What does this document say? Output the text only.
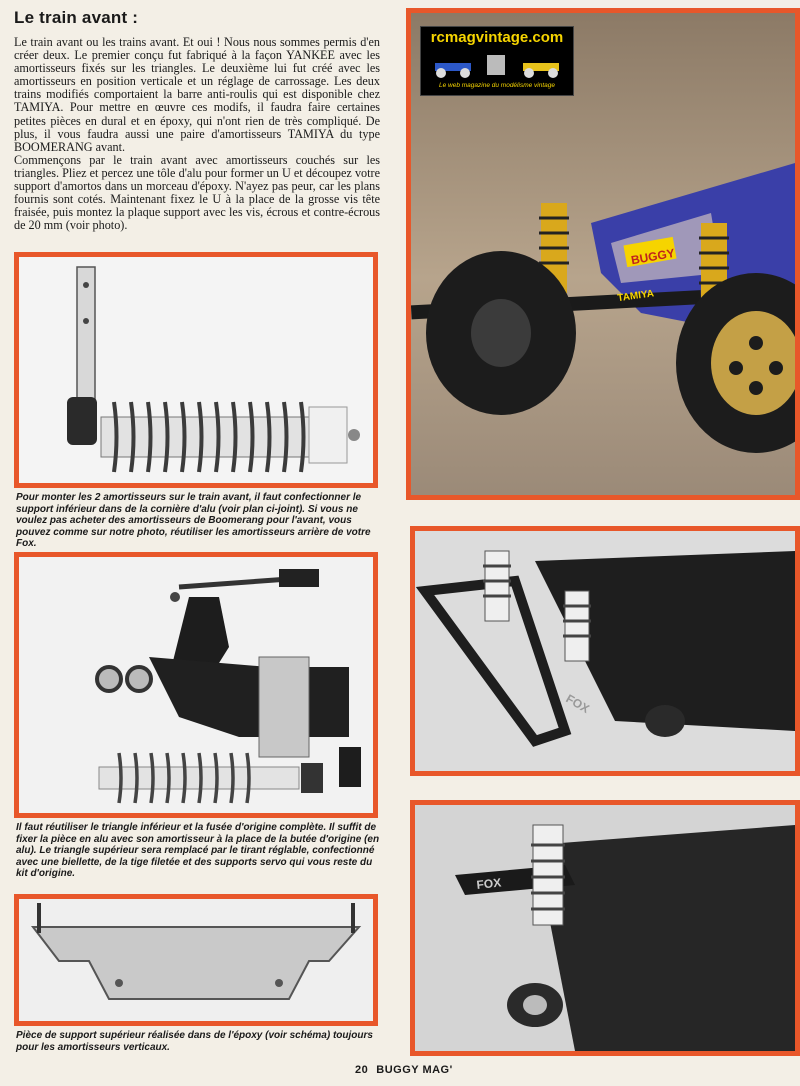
Le train avant :

Le train avant ou les trains avant. Et oui ! Nous nous sommes permis d'en créer deux. Le premier conçu fut fabriqué à la façon YANKEE avec les amortisseurs fixés sur les triangles. Le deuxième lui fut créé avec les amortisseurs en position verticale et un réglage de carrossage. Les deux trains modifiés comportaient la barre anti-roulis qui est disponible chez TAMIYA. Pour mettre en œuvre ces modifs, il faudra faire certaines petites pièces en dural et en époxy, qui n'ont rien de très compliqué. De plus, il vous faudra aussi une paire d'amortisseurs TAMIYA du type BOOMERANG avant.

Commençons par le train avant avec amortisseurs couchés sur les triangles. Pliez et percez une tôle d'alu pour former un U et découpez votre support d'amortos dans un morceau d'époxy. N'ayez pas peur, car les plans fournis sont cotés. Maintenant fixez le U à la place de la grosse vis tête fraisée, puis montez la plaque support avec les vis, écrous et contre-écrous de 20 mm (voir photo).

Pour monter les 2 amortisseurs sur le train avant, il faut confectionner le support inférieur dans de la cornière d'alu (voir plan ci-joint). Si vous ne voulez pas acheter des amortisseurs de Boomerang pour l'avant, vous pouvez comme sur notre photo, réutiliser les amortisseurs arrière de votre Fox.
Il faut réutiliser le triangle inférieur et la fusée d'origine complète. Il suffit de fixer la pièce en alu avec son amortisseur à la place de la butée d'origine (en alu). Le triangle supérieur sera remplacé par le tirant réglable, confectionné avec une biellette, de la tige filetée et des supports servo qui vous reste du kit d'origine.
Pièce de support supérieur réalisée dans de l'époxy (voir schéma) toujours pour les amortisseurs verticaux.
BUGGY
TAMIYA
rcmagvintage.com
Le web magazine du modélisme vintage
FOX
FOX
20 BUGGY MAG'
